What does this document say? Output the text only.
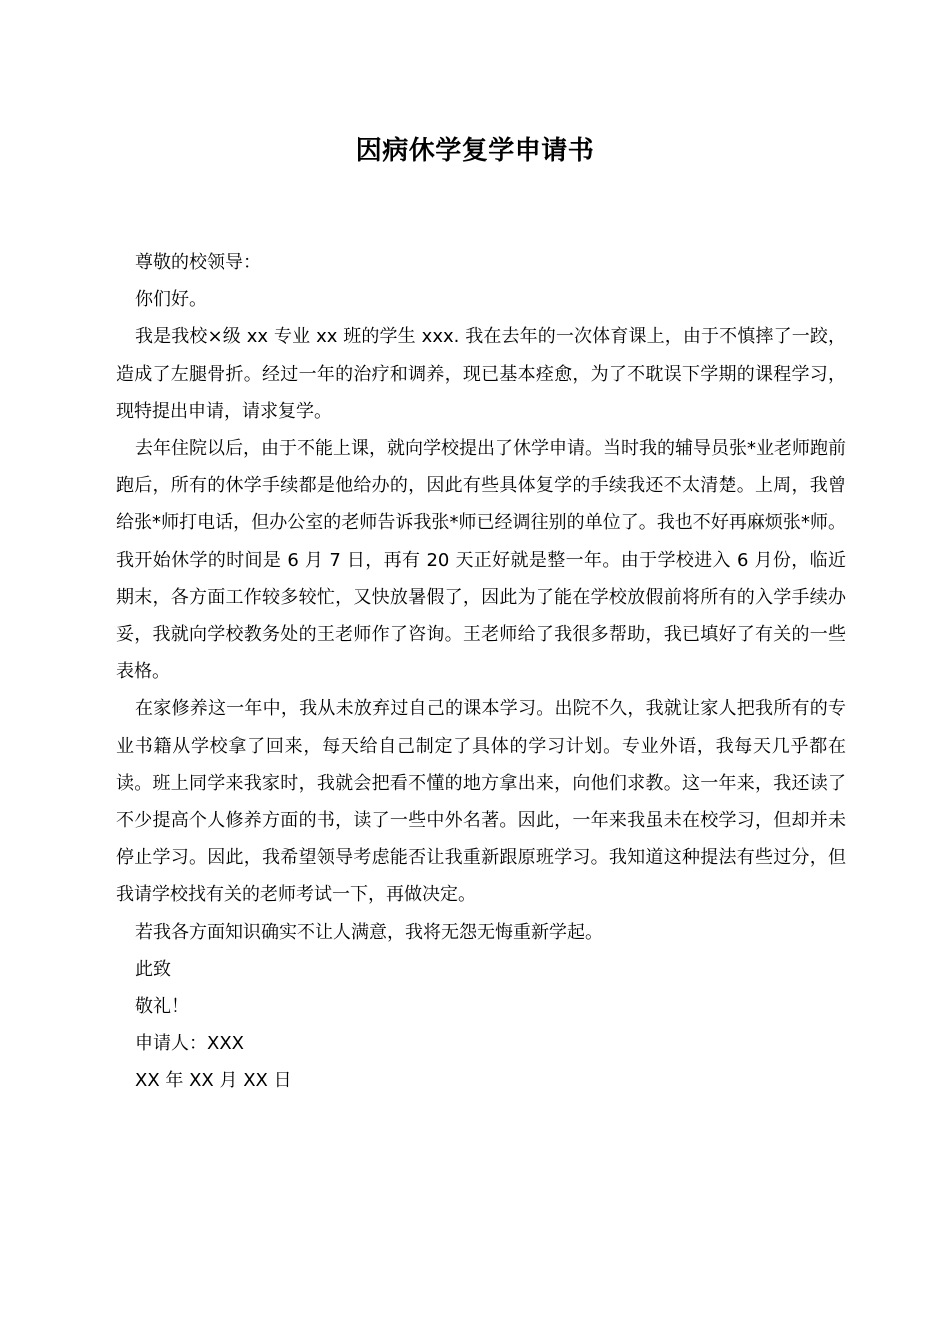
因病休学复学申请书

尊敬的校领导：

你们好。

我是我校×级 xx 专业 xx 班的学生 xxx. 我在去年的一次体育课上，由于不慎摔了一跤，造成了左腿骨折。经过一年的治疗和调养，现已基本痊愈，为了不耽误下学期的课程学习，现特提出申请，请求复学。

去年住院以后，由于不能上课，就向学校提出了休学申请。当时我的辅导员张*业老师跑前跑后，所有的休学手续都是他给办的，因此有些具体复学的手续我还不太清楚。上周，我曾给张*师打电话，但办公室的老师告诉我张*师已经调往别的单位了。我也不好再麻烦张*师。我开始休学的时间是 6 月 7 日，再有 20 天正好就是整一年。由于学校进入 6 月份，临近期末，各方面工作较多较忙，又快放暑假了，因此为了能在学校放假前将所有的入学手续办妥，我就向学校教务处的王老师作了咨询。王老师给了我很多帮助，我已填好了有关的一些表格。

在家修养这一年中，我从未放弃过自己的课本学习。出院不久，我就让家人把我所有的专业书籍从学校拿了回来，每天给自己制定了具体的学习计划。专业外语，我每天几乎都在读。班上同学来我家时，我就会把看不懂的地方拿出来，向他们求教。这一年来，我还读了不少提高个人修养方面的书，读了一些中外名著。因此，一年来我虽未在校学习，但却并未停止学习。因此，我希望领导考虑能否让我重新跟原班学习。我知道这种提法有些过分，但我请学校找有关的老师考试一下，再做决定。

若我各方面知识确实不让人满意，我将无怨无悔重新学起。

此致

敬礼！

申请人：XXX

XX 年 XX 月 XX 日
